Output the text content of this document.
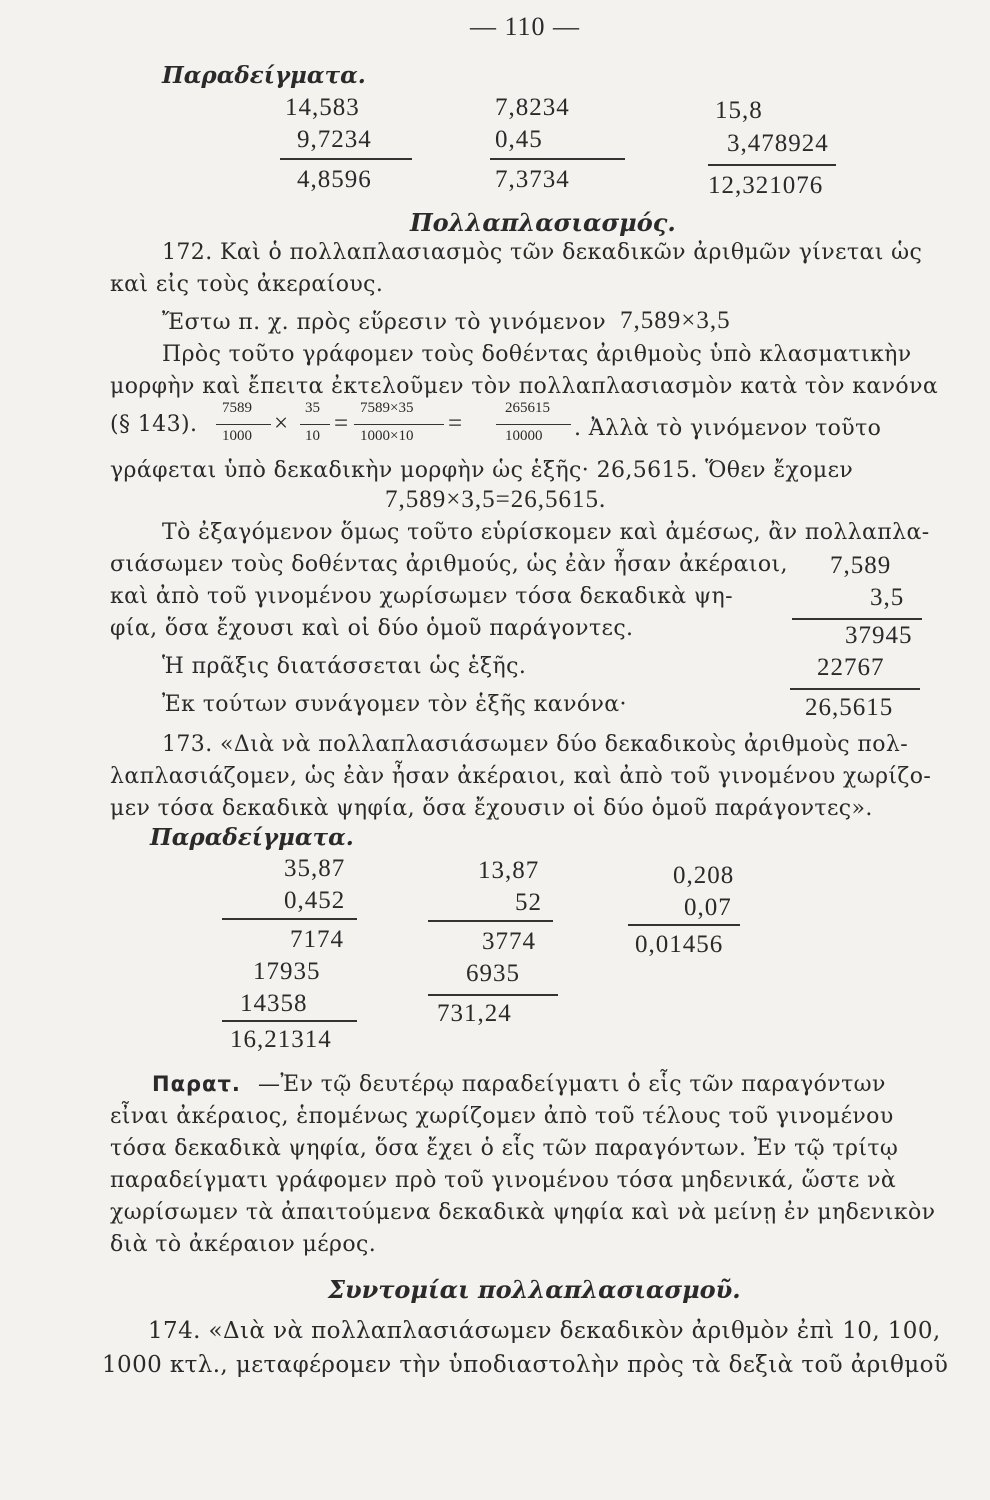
— 110 —
Παραδείγματα.
14,583
9,7234
4,8596
7,8234
0,45
7,3734
15,8
3,478924
12,321076
Πολλαπλασιασμός.
172. Καὶ ὁ πολλαπλασιασμὸς τῶν δεκαδικῶν ἀριθμῶν γίνεται ὡς
καὶ εἰς τοὺς ἀκεραίους.
Ἔστω π. χ. πρὸς εὕρεσιν τὸ γινόμενον 7,589×3,5
Πρὸς τοῦτο γράφομεν τοὺς δοθέντας ἀριθμοὺς ὑπὸ κλασματικὴν
μορφὴν καὶ ἔπειτα ἐκτελοῦμεν τὸν πολλαπλασιασμὸν κατὰ τὸν κανόνα
(§ 143).
7589
1000 ×
35
10 =
7589×35
1000×10 =
265615
10000 . Ἀλλὰ τὸ γινόμενον τοῦτο
γράφεται ὑπὸ δεκαδικὴν μορφὴν ὡς ἑξῆς· 26,5615. Ὅθεν ἔχομεν
7,589×3,5=26,5615.
Τὸ ἐξαγόμενον ὅμως τοῦτο εὑρίσκομεν καὶ ἀμέσως, ἂν πολλαπλα-
σιάσωμεν τοὺς δοθέντας ἀριθμούς, ὡς ἐὰν ἦσαν ἀκέραιοι,
καὶ ἀπὸ τοῦ γινομένου χωρίσωμεν τόσα δεκαδικὰ ψη-
φία, ὅσα ἔχουσι καὶ οἱ δύο ὁμοῦ παράγοντες.
Ἡ πρᾶξις διατάσσεται ὡς ἑξῆς.
Ἐκ τούτων συνάγομεν τὸν ἑξῆς κανόνα·
7,589
3,5
37945
22767
26,5615
173. «Διὰ νὰ πολλαπλασιάσωμεν δύο δεκαδικοὺς ἀριθμοὺς πολ-
λαπλασιάζομεν, ὡς ἐὰν ἦσαν ἀκέραιοι, καὶ ἀπὸ τοῦ γινομένου χωρίζο-
μεν τόσα δεκαδικὰ ψηφία, ὅσα ἔχουσιν οἱ δύο ὁμοῦ παράγοντες».
Παραδείγματα.
35,87
0,452
7174
17935
14358
16,21314
13,87
52
3774
6935
731,24
0,208
0,07
0,01456
Παρατ. —Ἐν τῷ δευτέρῳ παραδείγματι ὁ εἷς τῶν παραγόντων
εἶναι ἀκέραιος, ἑπομένως χωρίζομεν ἀπὸ τοῦ τέλους τοῦ γινομένου
τόσα δεκαδικὰ ψηφία, ὅσα ἔχει ὁ εἷς τῶν παραγόντων. Ἐν τῷ τρίτῳ
παραδείγματι γράφομεν πρὸ τοῦ γινομένου τόσα μηδενικά, ὥστε νὰ
χωρίσωμεν τὰ ἀπαιτούμενα δεκαδικὰ ψηφία καὶ νὰ μείνῃ ἐν μηδενικὸν
διὰ τὸ ἀκέραιον μέρος.
Συντομίαι πολλαπλασιασμοῦ.
174. «Διὰ νὰ πολλαπλασιάσωμεν δεκαδικὸν ἀριθμὸν ἐπὶ 10, 100,
1000 κτλ., μεταφέρομεν τὴν ὑποδιαστολὴν πρὸς τὰ δεξιὰ τοῦ ἀριθμοῦ
